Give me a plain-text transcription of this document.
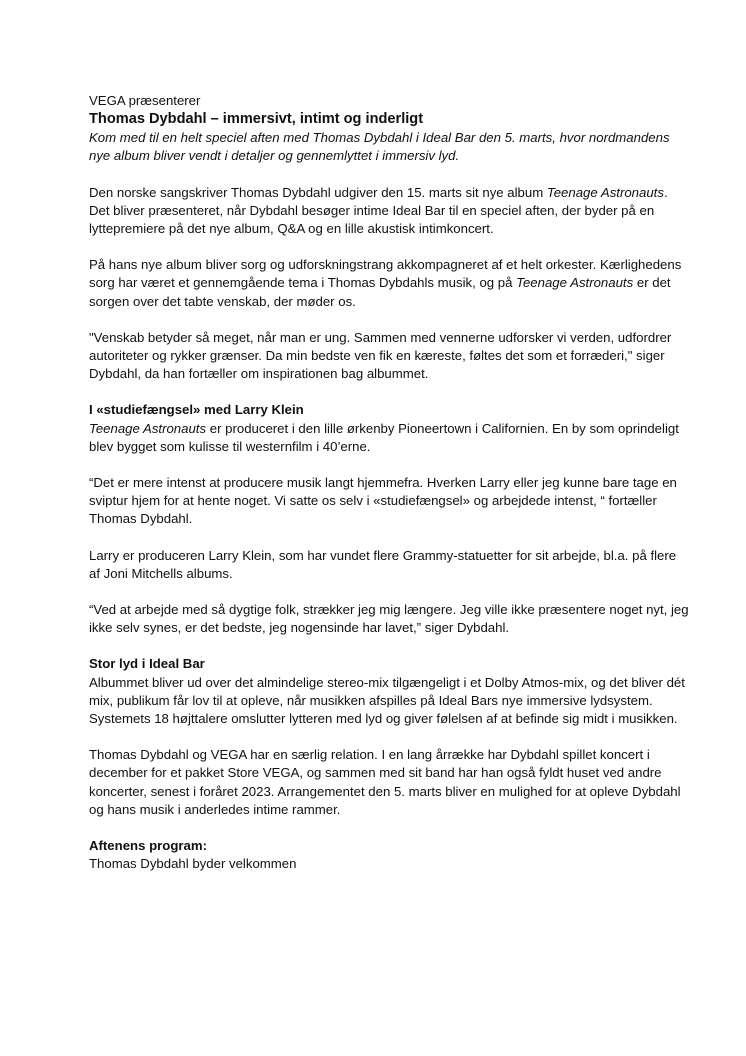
VEGA præsenterer

Thomas Dybdahl – immersivt, intimt og inderligt

Kom med til en helt speciel aften med Thomas Dybdahl i Ideal Bar den 5. marts, hvor nordmandens nye album bliver vendt i detaljer og gennemlyttet i immersiv lyd.

Den norske sangskriver Thomas Dybdahl udgiver den 15. marts sit nye album Teenage Astronauts. Det bliver præsenteret, når Dybdahl besøger intime Ideal Bar til en speciel aften, der byder på en lyttepremiere på det nye album, Q&A og en lille akustisk intimkoncert.

På hans nye album bliver sorg og udforskningstrang akkompagneret af et helt orkester. Kærlighedens sorg har været et gennemgående tema i Thomas Dybdahls musik, og på Teenage Astronauts er det sorgen over det tabte venskab, der møder os.

"Venskab betyder så meget, når man er ung. Sammen med vennerne udforsker vi verden, udfordrer autoriteter og rykker grænser. Da min bedste ven fik en kæreste, føltes det som et forræderi," siger Dybdahl, da han fortæller om inspirationen bag albummet.

I «studiefængsel» med Larry Klein

Teenage Astronauts er produceret i den lille ørkenby Pioneertown i Californien. En by som oprindeligt blev bygget som kulisse til westernfilm i 40’erne.

“Det er mere intenst at producere musik langt hjemmefra. Hverken Larry eller jeg kunne bare tage en sviptur hjem for at hente noget. Vi satte os selv i «studiefængsel» og arbejdede intenst, “ fortæller Thomas Dybdahl.

Larry er produceren Larry Klein, som har vundet flere Grammy-statuetter for sit arbejde, bl.a. på flere af Joni Mitchells albums.

“Ved at arbejde med så dygtige folk, strækker jeg mig længere. Jeg ville ikke præsentere noget nyt, jeg ikke selv synes, er det bedste, jeg nogensinde har lavet,” siger Dybdahl.

Stor lyd i Ideal Bar

Albummet bliver ud over det almindelige stereo-mix tilgængeligt i et Dolby Atmos-mix, og det bliver dét mix, publikum får lov til at opleve, når musikken afspilles på Ideal Bars nye immersive lydsystem. Systemets 18 højttalere omslutter lytteren med lyd og giver følelsen af at befinde sig midt i musikken.

Thomas Dybdahl og VEGA har en særlig relation. I en lang årrække har Dybdahl spillet koncert i december for et pakket Store VEGA, og sammen med sit band har han også fyldt huset ved andre koncerter, senest i foråret 2023. Arrangementet den 5. marts bliver en mulighed for at opleve Dybdahl og hans musik i anderledes intime rammer.

Aftenens program:

Thomas Dybdahl byder velkommen
